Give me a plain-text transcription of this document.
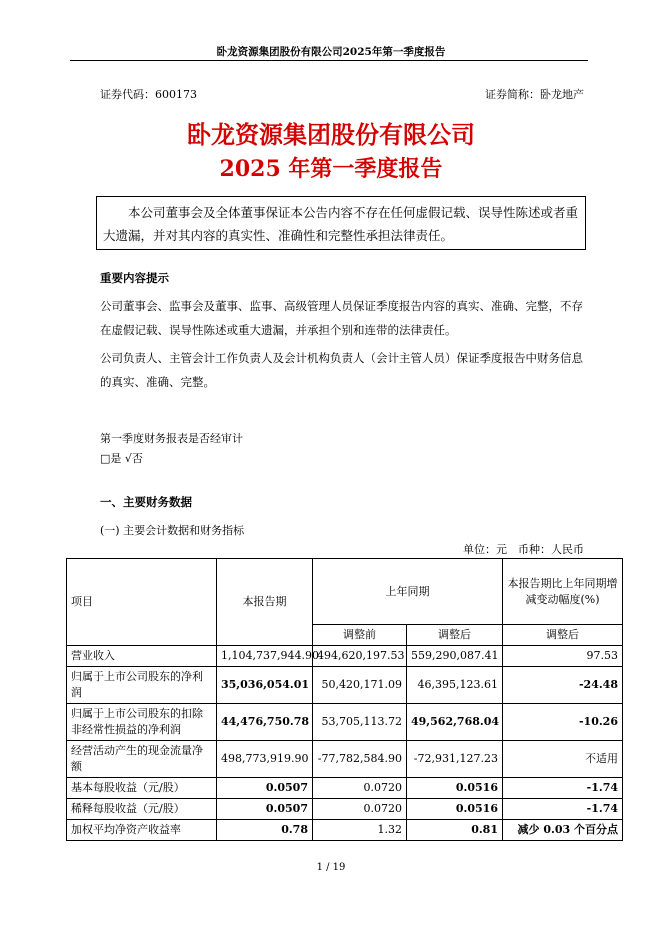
卧龙资源集团股份有限公司2025年第一季度报告
证券代码：600173	证券简称：卧龙地产
卧龙资源集团股份有限公司
2025 年第一季度报告
本公司董事会及全体董事保证本公告内容不存在任何虚假记载、误导性陈述或者重大遗漏，并对其内容的真实性、准确性和完整性承担法律责任。
重要内容提示
公司董事会、监事会及董事、监事、高级管理人员保证季度报告内容的真实、准确、完整，不存在虚假记载、误导性陈述或重大遗漏，并承担个别和连带的法律责任。
公司负责人、主管会计工作负责人及会计机构负责人（会计主管人员）保证季度报告中财务信息的真实、准确、完整。
第一季度财务报表是否经审计
□是 √否
一、主要财务数据
(一) 主要会计数据和财务指标
单位：元　币种：人民币
项目	本报告期	上年同期		本报告期比上年同期增减变动幅度(%)
		调整前	调整后	调整后
营业收入	1,104,737,944.90	494,620,197.53	559,290,087.41	97.53
归属于上市公司股东的净利润	35,036,054.01	50,420,171.09	46,395,123.61	-24.48
归属于上市公司股东的扣除非经常性损益的净利润	44,476,750.78	53,705,113.72	49,562,768.04	-10.26
经营活动产生的现金流量净额	498,773,919.90	-77,782,584.90	-72,931,127.23	不适用
基本每股收益（元/股）	0.0507	0.0720	0.0516	-1.74
稀释每股收益（元/股）	0.0507	0.0720	0.0516	-1.74
加权平均净资产收益率	0.78	1.32	0.81	减少 0.03 个百分点
1 / 19
